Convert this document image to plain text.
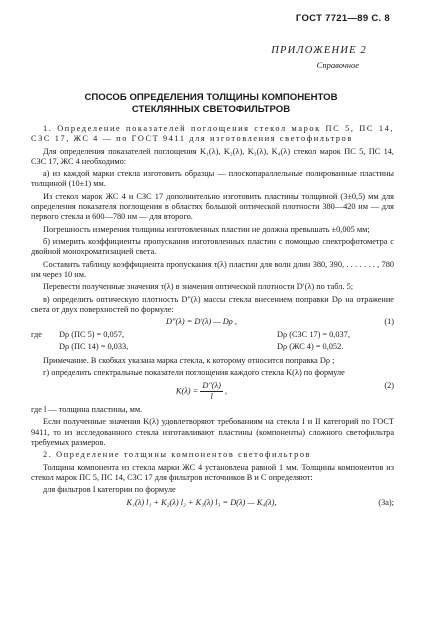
ГОСТ 7721—89 С. 8
ПРИЛОЖЕНИЕ 2
Справочное
СПОСОБ ОПРЕДЕЛЕНИЯ ТОЛЩИНЫ КОМПОНЕНТОВ
СТЕКЛЯННЫХ СВЕТОФИЛЬТРОВ

1. Определение показателей поглощения стекол марок ПС 5, ПС 14, СЗС 17, ЖС 4 — по ГОСТ 9411 для изготовления светофильтров

Для определения показателей поглощения K₁(λ), K₂(λ), K₃(λ), K₄(λ) стекол марок ПС 5, ПС 14, СЗС 17, ЖС 4 необходимо:

а) из каждой марки стекла изготовить образцы — плоскопараллельные полированные пластины толщиной (10±1) мм.

Из стекол марок ЖС 4 и СЗС 17 дополнительно изготовить пластины толщиной (3±0,5) мм для определения показателя поглощения в областях большой оптической плотности 380—420 нм — для первого стекла и 600—780 нм — для второго.

Погрешность измерения толщины изготовленных пластин не должна превышать ±0,005 мм;

б) измерить коэффициенты пропускания изготовленных пластин с помощью спектрофотометра с двойной монохроматизацией света.

Составить таблицу коэффициента пропускания τ(λ) пластин для волн длин 380, 390, . . . . . . . , 780 нм через 10 нм.

Перевести полученные значения τ(λ) в значения оптической плотности D′(λ) по табл. 5;

в) определить оптическую плотность D″(λ) массы стекла внесением поправки Dρ на отражение света от двух поверхностей по формуле:

D″(λ) = D′(λ) — Dρ ,	(1)
где	Dρ (ПС 5) = 0,057,	Dρ (СЗС 17) = 0,037,
Dρ (ПС 14) = 0,033,	Dρ (ЖС 4) = 0,052.

Примечание. В скобках указана марка стекла, к которому относится поправка Dρ ;

г) определить спектральные показатели поглощения каждого стекла K(λ) по формуле

$K(\lambda) = \frac{D''(\lambda)}{l}$ ,
(2)

где l — толщина пластины, мм.

Если полученные значения K(λ) удовлетворяют требованиям на стекла I и II категорий по ГОСТ 9411, то из исследованного стекла изготавливают пластины (компоненты) сложного светофильтра требуемых размеров.

2. Определение толщины компонентов светофильтров

Толщина компонента из стекла марки ЖС 4 установлена равной 1 мм. Толщины компонентов из стекол марок ПС 5, ПС 14, СЗС 17 для фильтров источников В и С определяют:

для фильтров I категории по формуле

K₁(λ) l₁ + K₂(λ) l₂ + K₃(λ) l₃ = D(λ) — K₄(λ),	(3а);
